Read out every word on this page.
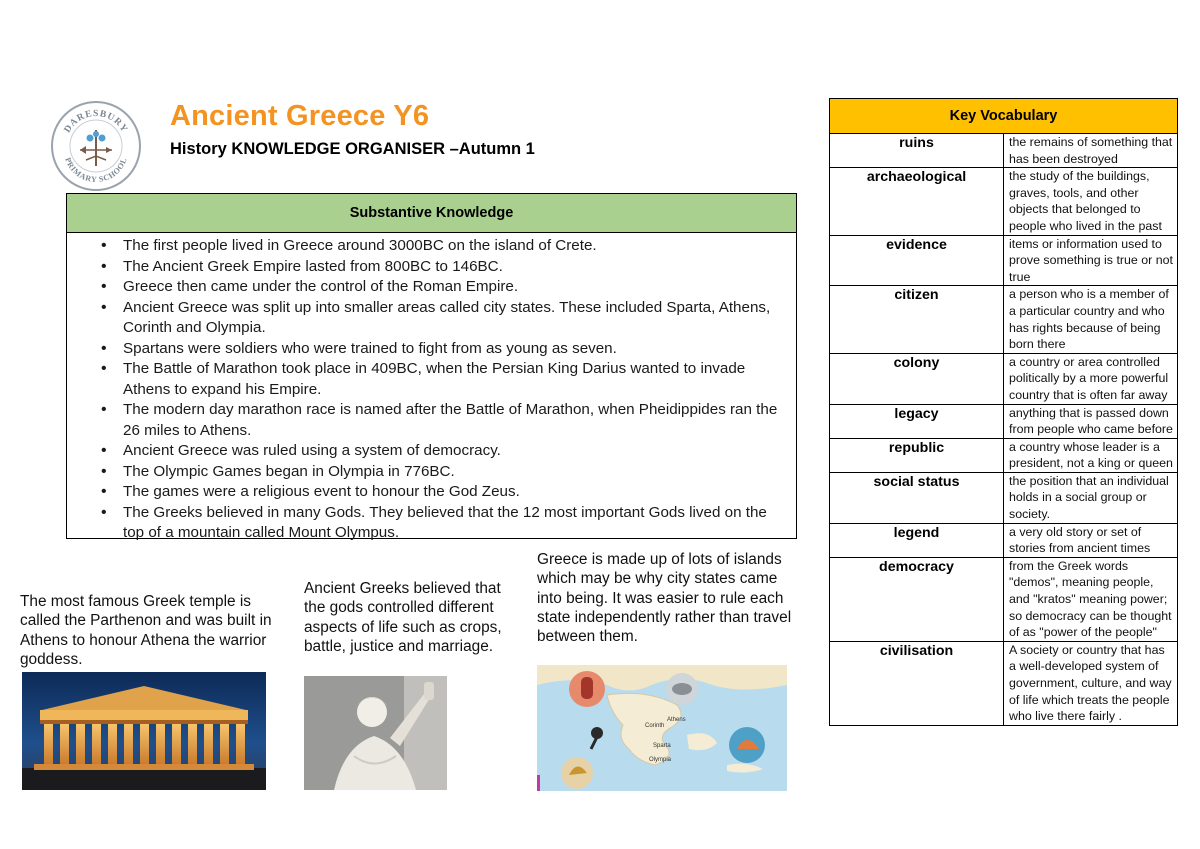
DARESBURY
PRIMARY SCHOOL
Ancient Greece Y6
History KNOWLEDGE ORGANISER –Autumn 1
Substantive Knowledge
• The first people lived in Greece around 3000BC on the island of Crete.
• The Ancient Greek Empire lasted from 800BC to 146BC.
• Greece then came under the control of the Roman Empire.
• Ancient Greece was split up into smaller areas called city states. These included Sparta, Athens, Corinth and Olympia.
• Spartans were soldiers who were trained to fight from as young as seven.
• The Battle of Marathon took place in 409BC, when the Persian King Darius wanted to invade Athens to expand his Empire.
• The modern day marathon race is named after the Battle of Marathon, when Pheidippides ran the 26 miles to Athens.
• Ancient Greece was ruled using a system of democracy.
• The Olympic Games began in Olympia in 776BC.
• The games were a religious event to honour the God Zeus.
• The Greeks believed in many Gods. They believed that the 12 most important Gods lived on the top of a mountain called Mount Olympus.
The most famous Greek temple is called the Parthenon and was built in Athens to honour Athena the warrior goddess.
Ancient Greeks believed that the gods controlled different aspects of life such as crops, battle, justice and marriage.
Greece is made up of lots of islands which may be why city states came into being. It was easier to rule each state independently rather than travel between them.
Olympia
Corinth
Athens
Sparta
Key Vocabulary	
ruins	the remains of something that has been destroyed
archaeological	the study of the buildings, graves, tools, and other objects that belonged to people who lived in the past
evidence	items or information used to prove something is true or not true
citizen	a person who is a member of a particular country and who has rights because of being born there
colony	a country or area controlled politically by a more powerful country that is often far away
legacy	anything that is passed down from people who came before
republic	a country whose leader is a president, not a king or queen
social status	the position that an individual holds in a social group or society.
legend	a very old story or set of stories from ancient times
democracy	from the Greek words "demos", meaning people, and "kratos" meaning power; so democracy can be thought of as "power of the people"
civilisation	A society or country that has a well-developed system of government, culture, and way of life which treats the people who live there fairly .
